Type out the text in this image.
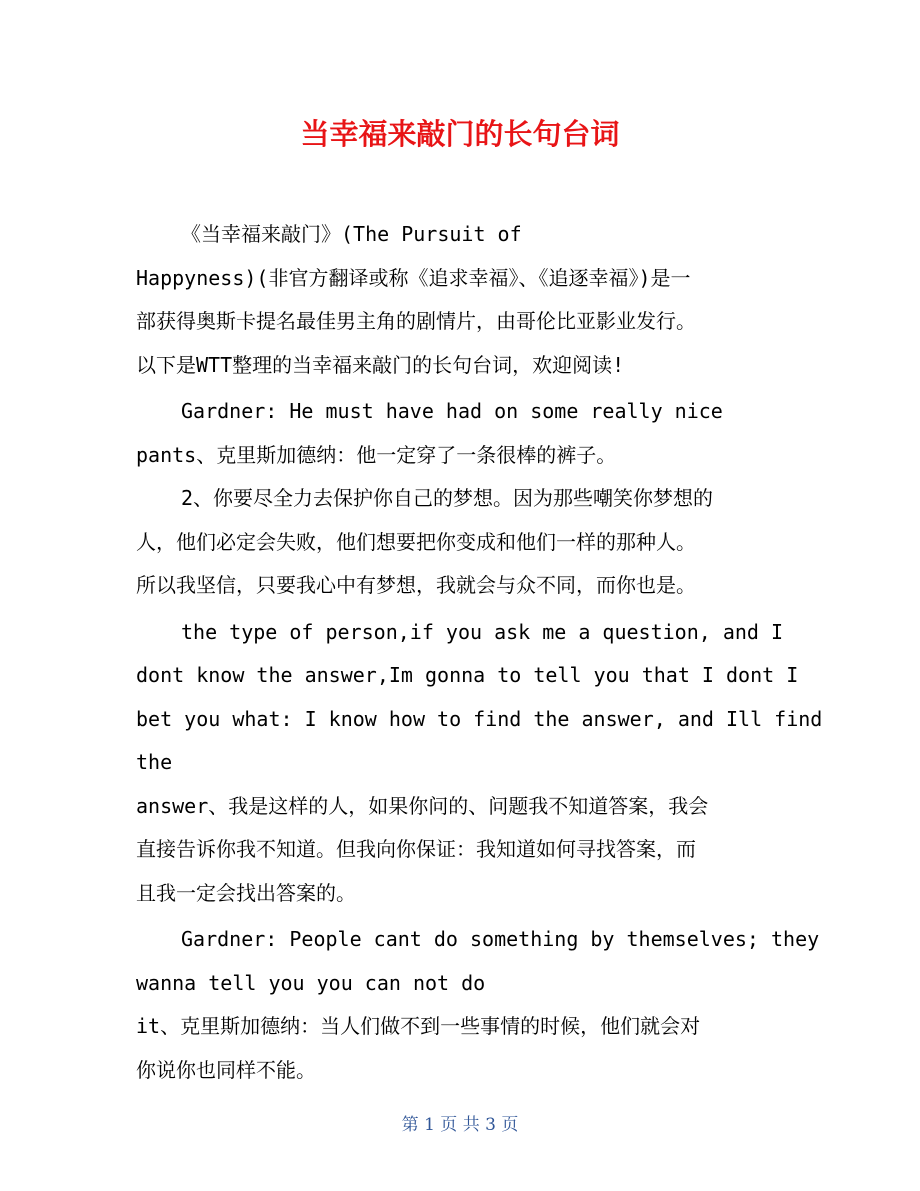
当幸福来敲门的长句台词
《当幸福来敲门》(The Pursuit of
Happyness)(非官方翻译或称《追求幸福》、《追逐幸福》)是一
部获得奥斯卡提名最佳男主角的剧情片，由哥伦比亚影业发行。
以下是WTT整理的当幸福来敲门的长句台词，欢迎阅读!
Gardner: He must have had on some really nice
pants、克里斯加德纳：他一定穿了一条很棒的裤子。
2、你要尽全力去保护你自己的梦想。因为那些嘲笑你梦想的
人，他们必定会失败，他们想要把你变成和他们一样的那种人。
所以我坚信，只要我心中有梦想，我就会与众不同，而你也是。
the type of person,if you ask me a question, and I
dont know the answer,Im gonna to tell you that I dont I
bet you what: I know how to find the answer, and Ill find
the
answer、我是这样的人，如果你问的、问题我不知道答案，我会
直接告诉你我不知道。但我向你保证：我知道如何寻找答案，而
且我一定会找出答案的。
Gardner: People cant do something by themselves; they
wanna tell you you can not do
it、克里斯加德纳：当人们做不到一些事情的时候，他们就会对
你说你也同样不能。
第 1 页 共 3 页
